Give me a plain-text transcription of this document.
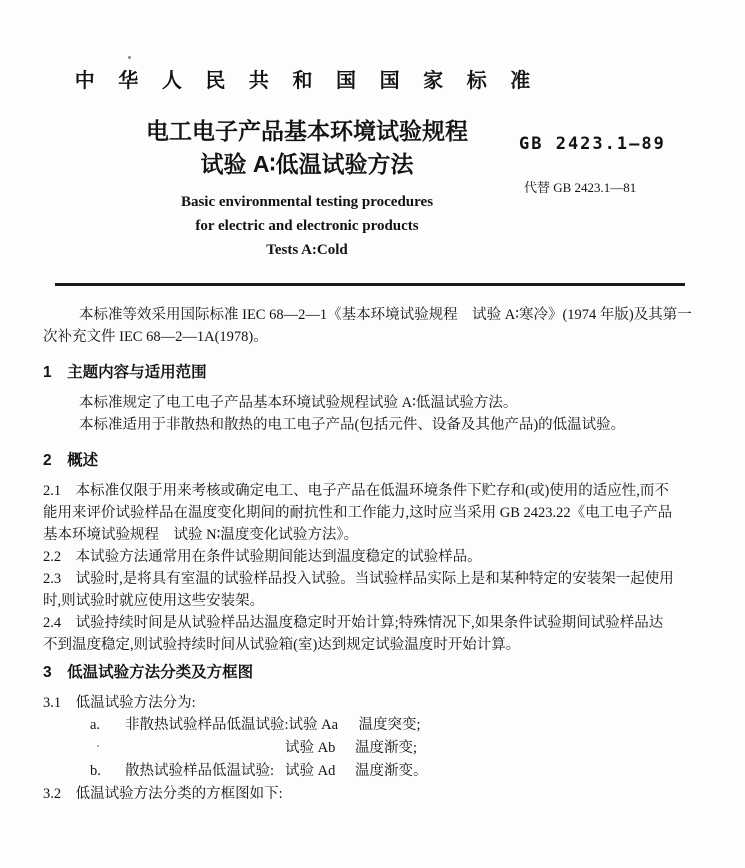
中 华 人 民 共 和 国 国 家 标 准
电工电子产品基本环境试验规程
试验 A∶低温试验方法
Basic environmental testing procedures
for electric and electronic products
Tests A:Cold
GB 2423.1—89
代替 GB 2423.1—81

本标准等效采用国际标准 IEC 68—2—1《基本环境试验规程　试验 A∶寒冷》(1974 年版)及其第一

次补充文件 IEC 68—2—1A(1978)。

1　主题内容与适用范围

本标准规定了电工电子产品基本环境试验规程试验 A∶低温试验方法。

本标准适用于非散热和散热的电工电子产品(包括元件、设备及其他产品)的低温试验。

2　概述

2.1　本标准仅限于用来考核或确定电工、电子产品在低温环境条件下贮存和(或)使用的适应性,而不

能用来评价试验样品在温度变化期间的耐抗性和工作能力,这时应当采用 GB 2423.22《电工电子产品

基本环境试验规程　试验 N∶温度变化试验方法》。

2.2　本试验方法通常用在条件试验期间能达到温度稳定的试验样品。

2.3　试验时,是将具有室温的试验样品投入试验。当试验样品实际上是和某种特定的安装架一起使用

时,则试验时就应使用这些安装架。

2.4　试验持续时间是从试验样品达温度稳定时开始计算;特殊情况下,如果条件试验期间试验样品达

不到温度稳定,则试验持续时间从试验箱(室)达到规定试验温度时开始计算。

3　低温试验方法分类及方框图

3.1　低温试验方法分为:

a.	非散热试验样品低温试验: 试验 Aa	温度突变;
试验 Ab	温度渐变;
b.	散热试验样品低温试验: 试验 Ad	温度渐变。

3.2　低温试验方法分类的方框图如下:
